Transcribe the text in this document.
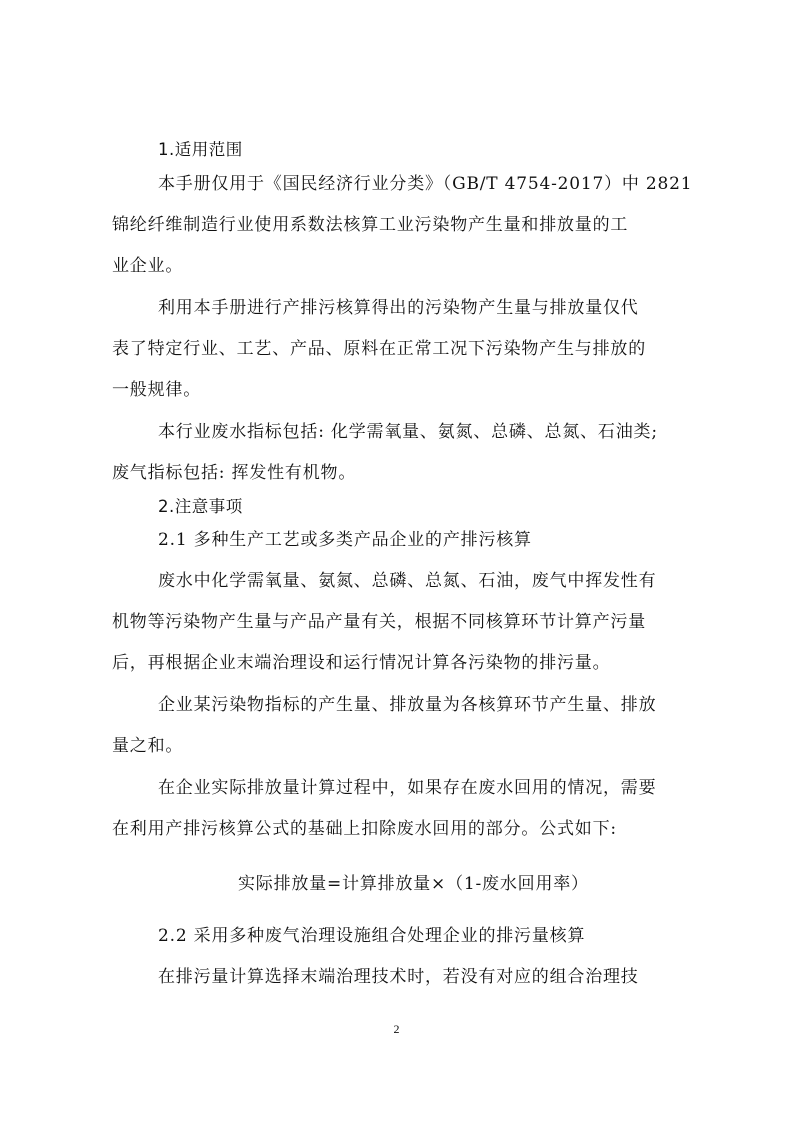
1.适用范围
本手册仅用于《国民经济行业分类》（GB/T 4754-2017）中 2821
锦纶纤维制造行业使用系数法核算工业污染物产生量和排放量的工
业企业。
利用本手册进行产排污核算得出的污染物产生量与排放量仅代
表了特定行业、工艺、产品、原料在正常工况下污染物产生与排放的
一般规律。
本行业废水指标包括: 化学需氧量、氨氮、总磷、总氮、石油类;
废气指标包括: 挥发性有机物。
2.注意事项
2.1 多种生产工艺或多类产品企业的产排污核算
废水中化学需氧量、氨氮、总磷、总氮、石油，废气中挥发性有
机物等污染物产生量与产品产量有关，根据不同核算环节计算产污量
后，再根据企业末端治理设和运行情况计算各污染物的排污量。
企业某污染物指标的产生量、排放量为各核算环节产生量、排放
量之和。
在企业实际排放量计算过程中，如果存在废水回用的情况，需要
在利用产排污核算公式的基础上扣除废水回用的部分。公式如下:
实际排放量=计算排放量×（1-废水回用率）
2.2 采用多种废气治理设施组合处理企业的排污量核算
在排污量计算选择末端治理技术时，若没有对应的组合治理技
2
